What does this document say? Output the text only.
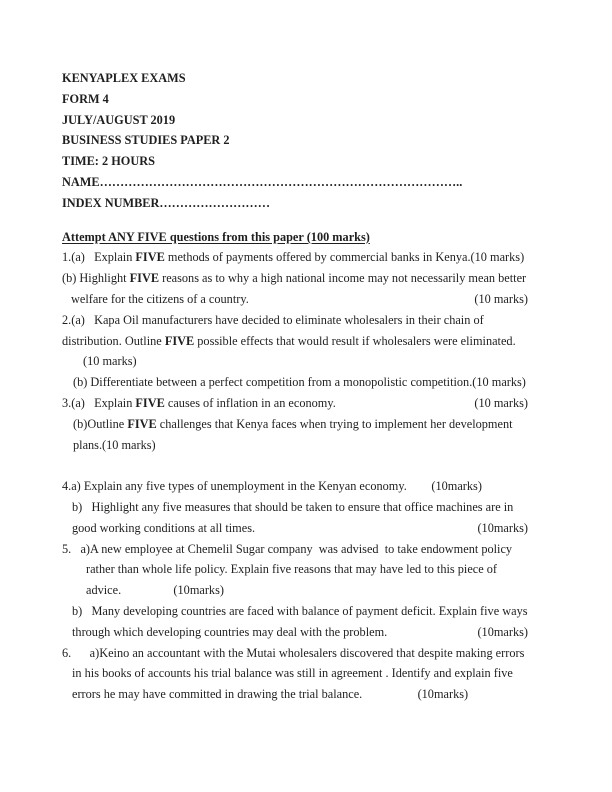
KENYAPLEX EXAMS
FORM 4
JULY/AUGUST 2019
BUSINESS STUDIES PAPER 2
TIME: 2 HOURS
NAME……………………………………………………………………………..
INDEX NUMBER………………………
Attempt ANY FIVE questions from this paper (100 marks)
1.(a)   Explain FIVE methods of payments offered by commercial banks in Kenya.(10 marks)
(b) Highlight FIVE reasons as to why a high national income may not necessarily mean better
welfare for the citizens of a country.	(10 marks)
2.(a)   Kapa Oil manufacturers have decided to eliminate wholesalers in their chain of
distribution. Outline FIVE possible effects that would result if wholesalers were eliminated.
(10 marks)
(b) Differentiate between a perfect competition from a monopolistic competition.(10 marks)
3.(a)   Explain FIVE causes of inflation in an economy.	(10 marks)
(b)Outline FIVE challenges that Kenya faces when trying to implement her development
plans.(10 marks)

4.a) Explain any five types of unemployment in the Kenyan economy.        (10marks)
b)   Highlight any five measures that should be taken to ensure that office machines are in
good working conditions at all times.	(10marks)
5.   a)A new employee at Chemelil Sugar company  was advised  to take endowment policy
rather than whole life policy. Explain five reasons that may have led to this piece of
advice.                 (10marks)
b)   Many developing countries are faced with balance of payment deficit. Explain five ways
through which developing countries may deal with the problem.	(10marks)
6.      a)Keino an accountant with the Mutai wholesalers discovered that despite making errors
in his books of accounts his trial balance was still in agreement . Identify and explain five
errors he may have committed in drawing the trial balance.                  (10marks)
